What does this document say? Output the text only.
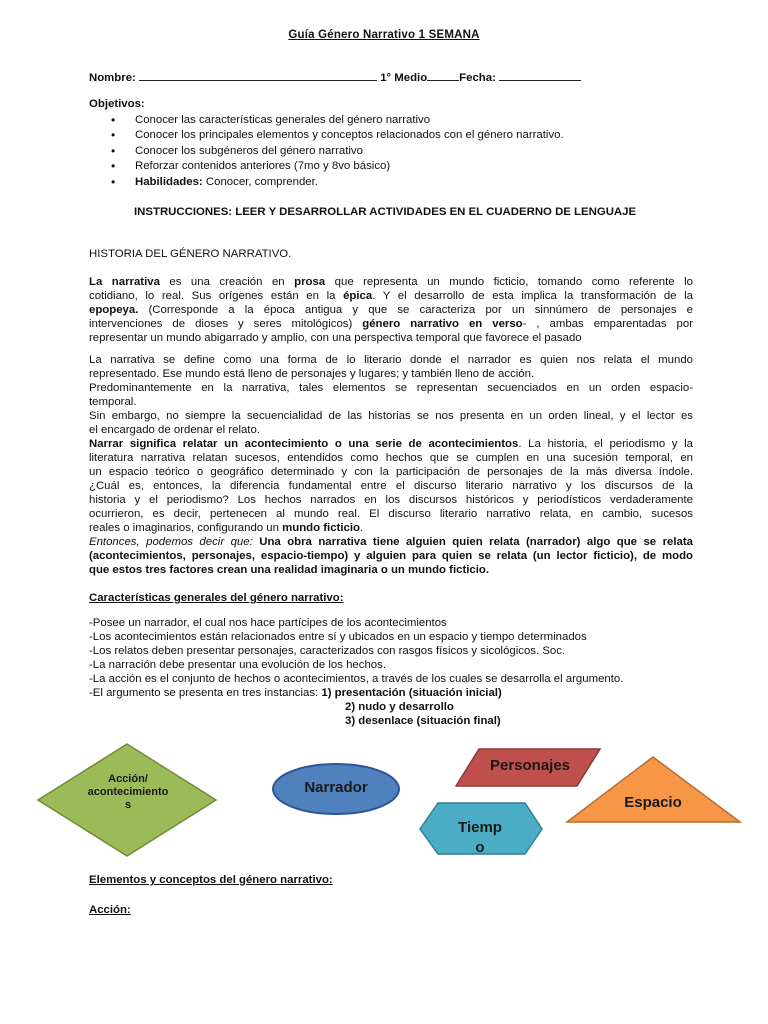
Guía Género Narrativo 1 SEMANA
Nombre:	1° Medio	Fecha:
Objetivos:
• Conocer las características generales del género narrativo
• Conocer los principales elementos y conceptos relacionados con el género narrativo.
• Conocer los subgéneros del género narrativo
• Reforzar contenidos anteriores (7mo y 8vo básico)
• Habilidades: Conocer, comprender.
INSTRUCCIONES: LEER Y DESARROLLAR ACTIVIDADES EN EL CUADERNO DE LENGUAJE
HISTORIA DEL GÉNERO NARRATIVO.
La narrativa es una creación en prosa que representa un mundo ficticio, tomando como referente lo
cotidiano, lo real. Sus orígenes están en la épica. Y el desarrollo de esta implica la transformación de la
epopeya. (Corresponde a la época antigua y que se caracteriza por un sinnúmero de personajes e
intervenciones de dioses y seres mitológicos) género narrativo en verso- , ambas emparentadas por
representar un mundo abigarrado y amplio, con una perspectiva temporal que favorece el pasado
La narrativa se define como una forma de lo literario donde el narrador es quien nos relata el mundo
representado. Ese mundo está lleno de personajes y lugares; y también lleno de acción.
Predominantemente en la narrativa, tales elementos se representan secuenciados en un orden espacio-
temporal.
Sin embargo, no siempre la secuencialidad de las historias se nos presenta en un orden lineal, y el lector es
el encargado de ordenar el relato.
Narrar significa relatar un acontecimiento o una serie de acontecimientos. La historia, el periodismo y la
literatura narrativa relatan sucesos, entendidos como hechos que se cumplen en una sucesión temporal, en
un espacio teórico o geográfico determinado y con la participación de personajes de la más diversa índole.
¿Cuál es, entonces, la diferencia fundamental entre el discurso literario narrativo y los discursos de la
historia y el periodismo? Los hechos narrados en los discursos históricos y periodísticos verdaderamente
ocurrieron, es decir, pertenecen al mundo real. El discurso literario narrativo relata, en cambio, sucesos
reales o imaginarios, configurando un mundo ficticio.
Entonces, podemos decir que: Una obra narrativa tiene alguien quien relata (narrador) algo que se relata
(acontecimientos, personajes, espacio-tiempo) y alguien para quien se relata (un lector ficticio), de modo
que estos tres factores crean una realidad imaginaria o un mundo ficticio.
Características generales del género narrativo:
-Posee un narrador, el cual nos hace partícipes de los acontecimientos
-Los acontecimientos están relacionados entre sí y ubicados en un espacio y tiempo determinados
-Los relatos deben presentar personajes, caracterizados con rasgos físicos y sicológicos. Soc.
-La narración debe presentar una evolución de los hechos.
-La acción es el conjunto de hechos o acontecimientos, a través de los cuales se desarrolla el argumento.
-El argumento se presenta en tres instancias: 1) presentación (situación inicial)
2) nudo y desarrollo
3) desenlace (situación final)
Acción/
acontecimiento
s
Narrador
Personajes
Espacio
Tiemp
o
Elementos y conceptos del género narrativo:
Acción:
